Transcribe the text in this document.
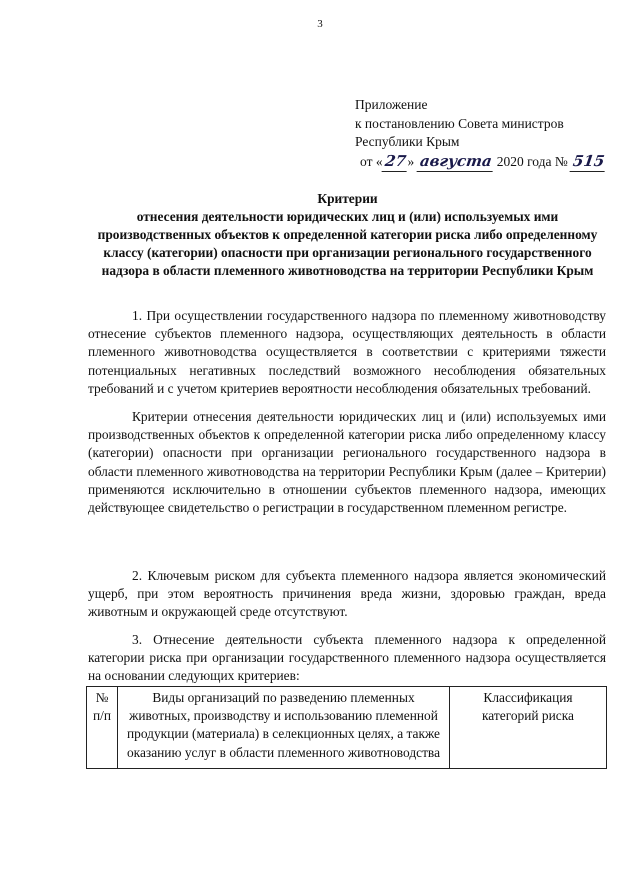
3
Приложение
к постановлению Совета министров
Республики Крым
от «27» августа 2020 года № 515
Критерии
отнесения деятельности юридических лиц и (или) используемых ими производственных объектов к определенной категории риска либо определенному классу (категории) опасности при организации регионального государственного надзора в области племенного животноводства на территории Республики Крым
1. При осуществлении государственного надзора по племенному животноводству отнесение субъектов племенного надзора, осуществляющих деятельность в области племенного животноводства осуществляется в соответствии с критериями тяжести потенциальных негативных последствий возможного несоблюдения обязательных требований и с учетом критериев вероятности несоблюдения обязательных требований.
Критерии отнесения деятельности юридических лиц и (или) используемых ими производственных объектов к определенной категории риска либо определенному классу (категории) опасности при организации регионального государственного надзора в области племенного животноводства на территории Республики Крым (далее – Критерии) применяются исключительно в отношении субъектов племенного надзора, имеющих действующее свидетельство о регистрации в государственном племенном регистре.
2. Ключевым риском для субъекта племенного надзора является экономический ущерб, при этом вероятность причинения вреда жизни, здоровью граждан, вреда животным и окружающей среде отсутствуют.
3. Отнесение деятельности субъекта племенного надзора к определенной категории риска при организации государственного племенного надзора осуществляется на основании следующих критериев:
№ п/п	Виды организаций по разведению племенных животных, производству и использованию племенной продукции (материала) в селекционных целях, а также оказанию услуг в области племенного животноводства	Классификация категорий риска
